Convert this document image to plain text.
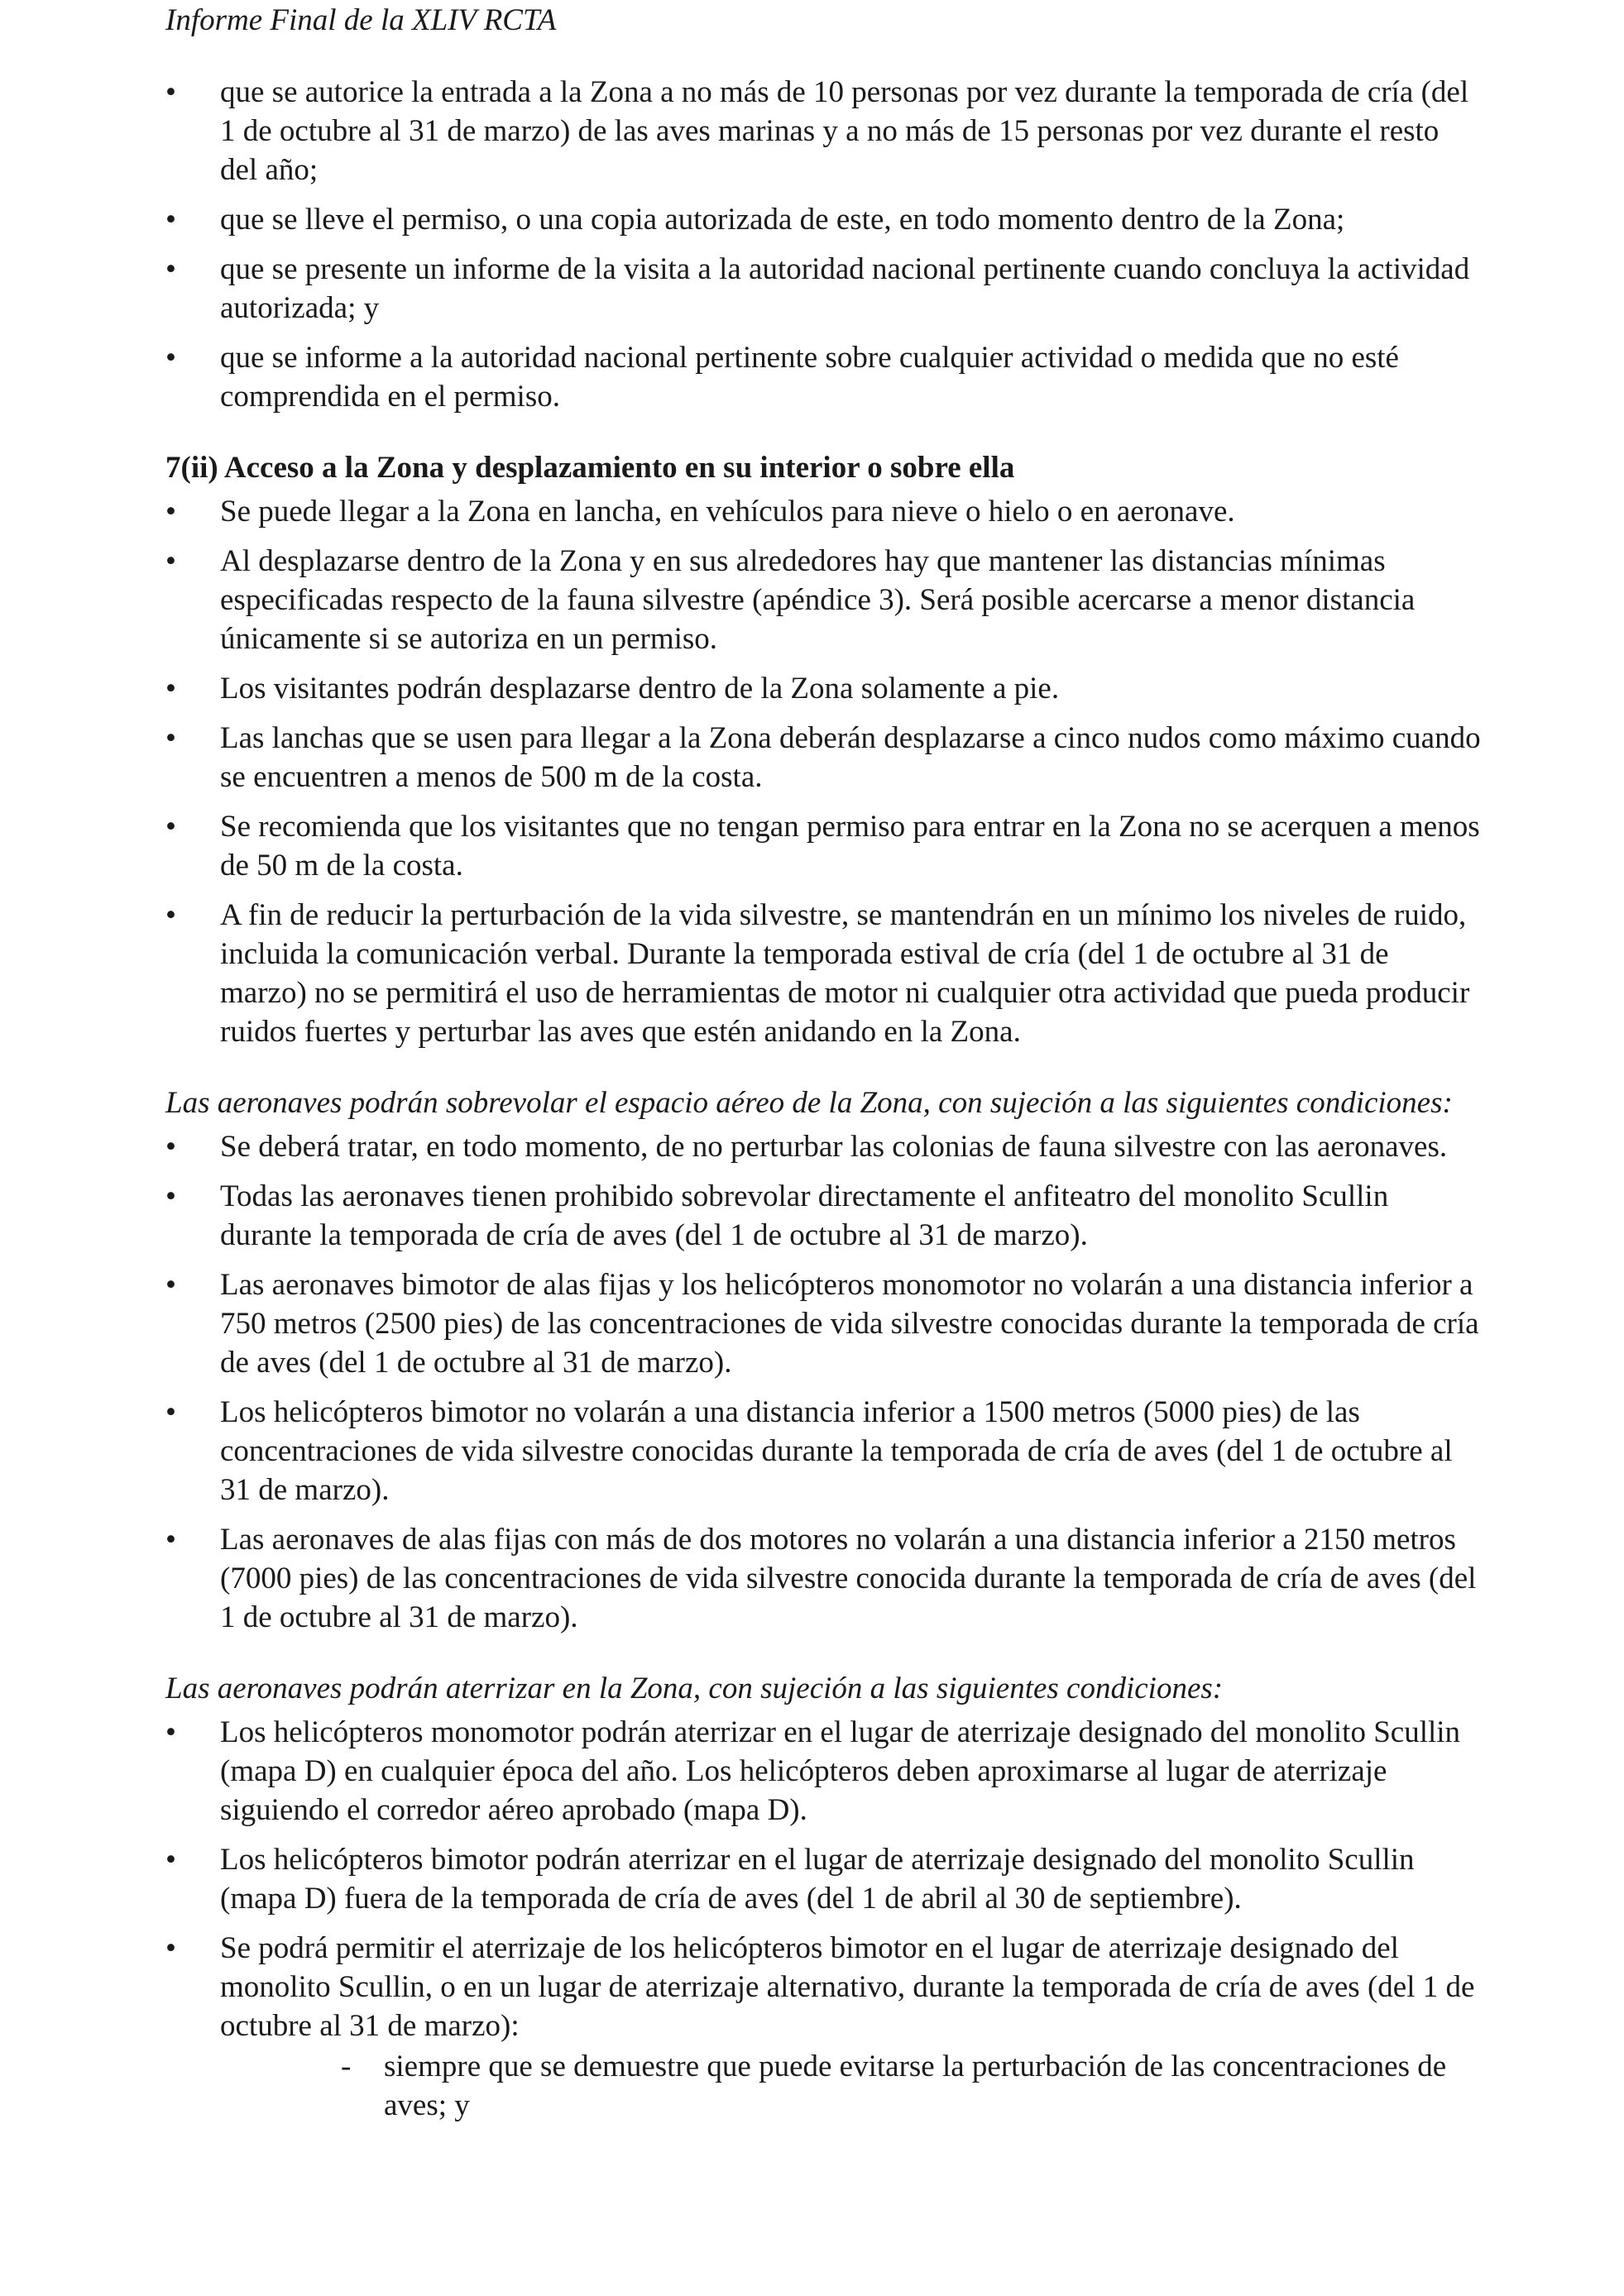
Informe Final de la XLIV RCTA
• que se autorice la entrada a la Zona a no más de 10 personas por vez durante la temporada de cría (del 1 de octubre al 31 de marzo) de las aves marinas y a no más de 15 personas por vez durante el resto del año;
• que se lleve el permiso, o una copia autorizada de este, en todo momento dentro de la Zona;
• que se presente un informe de la visita a la autoridad nacional pertinente cuando concluya la actividad autorizada; y
• que se informe a la autoridad nacional pertinente sobre cualquier actividad o medida que no esté comprendida en el permiso.
7(ii) Acceso a la Zona y desplazamiento en su interior o sobre ella
• Se puede llegar a la Zona en lancha, en vehículos para nieve o hielo o en aeronave.
• Al desplazarse dentro de la Zona y en sus alrededores hay que mantener las distancias mínimas especificadas respecto de la fauna silvestre (apéndice 3). Será posible acercarse a menor distancia únicamente si se autoriza en un permiso.
• Los visitantes podrán desplazarse dentro de la Zona solamente a pie.
• Las lanchas que se usen para llegar a la Zona deberán desplazarse a cinco nudos como máximo cuando se encuentren a menos de 500 m de la costa.
• Se recomienda que los visitantes que no tengan permiso para entrar en la Zona no se acerquen a menos de 50 m de la costa.
• A fin de reducir la perturbación de la vida silvestre, se mantendrán en un mínimo los niveles de ruido, incluida la comunicación verbal. Durante la temporada estival de cría (del 1 de octubre al 31 de marzo) no se permitirá el uso de herramientas de motor ni cualquier otra actividad que pueda producir ruidos fuertes y perturbar las aves que estén anidando en la Zona.
Las aeronaves podrán sobrevolar el espacio aéreo de la Zona, con sujeción a las siguientes condiciones:
• Se deberá tratar, en todo momento, de no perturbar las colonias de fauna silvestre con las aeronaves.
• Todas las aeronaves tienen prohibido sobrevolar directamente el anfiteatro del monolito Scullin durante la temporada de cría de aves (del 1 de octubre al 31 de marzo).
• Las aeronaves bimotor de alas fijas y los helicópteros monomotor no volarán a una distancia inferior a 750 metros (2500 pies) de las concentraciones de vida silvestre conocidas durante la temporada de cría de aves (del 1 de octubre al 31 de marzo).
• Los helicópteros bimotor no volarán a una distancia inferior a 1500 metros (5000 pies) de las concentraciones de vida silvestre conocidas durante la temporada de cría de aves (del 1 de octubre al 31 de marzo).
• Las aeronaves de alas fijas con más de dos motores no volarán a una distancia inferior a 2150 metros (7000 pies) de las concentraciones de vida silvestre conocida durante la temporada de cría de aves (del 1 de octubre al 31 de marzo).
Las aeronaves podrán aterrizar en la Zona, con sujeción a las siguientes condiciones:
• Los helicópteros monomotor podrán aterrizar en el lugar de aterrizaje designado del monolito Scullin (mapa D) en cualquier época del año. Los helicópteros deben aproximarse al lugar de aterrizaje siguiendo el corredor aéreo aprobado (mapa D).
• Los helicópteros bimotor podrán aterrizar en el lugar de aterrizaje designado del monolito Scullin (mapa D) fuera de la temporada de cría de aves (del 1 de abril al 30 de septiembre).
• Se podrá permitir el aterrizaje de los helicópteros bimotor en el lugar de aterrizaje designado del monolito Scullin, o en un lugar de aterrizaje alternativo, durante la temporada de cría de aves (del 1 de octubre al 31 de marzo):
- siempre que se demuestre que puede evitarse la perturbación de las concentraciones de aves; y
